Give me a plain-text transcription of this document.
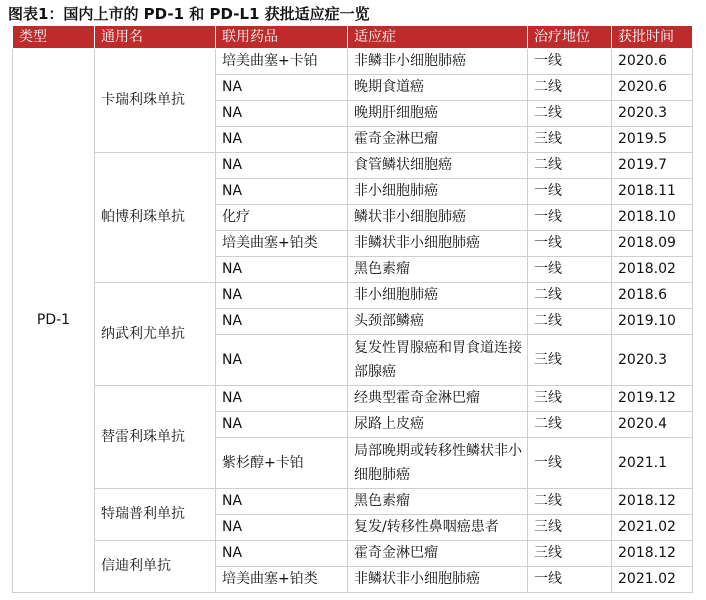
图表1：国内上市的 PD-1 和 PD-L1 获批适应症一览
类型	通用名	联用药品	适应症	治疗地位	获批时间
PD-1	卡瑞利珠单抗	培美曲塞+卡铂	非鳞非小细胞肺癌	一线	2020.6
		NA	晚期食道癌	二线	2020.6
		NA	晚期肝细胞癌	二线	2020.3
		NA	霍奇金淋巴瘤	三线	2019.5
	帕博利珠单抗	NA	食管鳞状细胞癌	二线	2019.7
		NA	非小细胞肺癌	一线	2018.11
		化疗	鳞状非小细胞肺癌	一线	2018.10
		培美曲塞+铂类	非鳞状非小细胞肺癌	一线	2018.09
		NA	黑色素瘤	一线	2018.02
	纳武利尤单抗	NA	非小细胞肺癌	二线	2018.6
		NA	头颈部鳞癌	二线	2019.10
		NA	复发性胃腺癌和胃食道连接部腺癌	三线	2020.3
	替雷利珠单抗	NA	经典型霍奇金淋巴瘤	三线	2019.12
		NA	尿路上皮癌	二线	2020.4
		紫杉醇+卡铂	局部晚期或转移性鳞状非小细胞肺癌	一线	2021.1
	特瑞普利单抗	NA	黑色素瘤	二线	2018.12
		NA	复发/转移性鼻咽癌患者	三线	2021.02
	信迪利单抗	NA	霍奇金淋巴瘤	三线	2018.12
		培美曲塞+铂类	非鳞状非小细胞肺癌	一线	2021.02
